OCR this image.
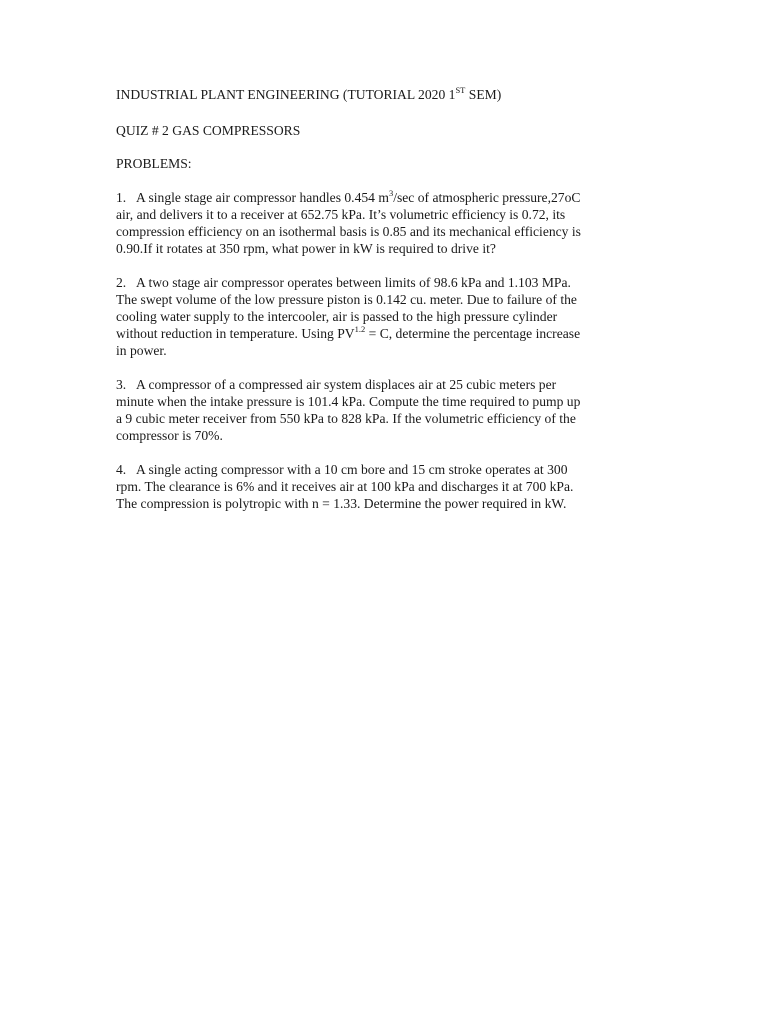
INDUSTRIAL PLANT ENGINEERING (TUTORIAL 2020 1ST SEM)
QUIZ # 2 GAS COMPRESSORS
PROBLEMS:
1. A single stage air compressor handles 0.454 $m^3/\sec$ of atmospheric pressure,27oC
air, and delivers it to a receiver at 652.75 kPa. It’s volumetric efficiency is 0.72, its
compression efficiency on an isothermal basis is 0.85 and its mechanical efficiency is
0.90.If it rotates at 350 rpm, what power in kW is required to drive it?
2. A two stage air compressor operates between limits of 98.6 kPa and 1.103 MPa.
The swept volume of the low pressure piston is 0.142 cu. meter. Due to failure of the
cooling water supply to the intercooler, air is passed to the high pressure cylinder
without reduction in temperature. Using $PV^{1.2} = C$, determine the percentage increase
in power.
3. A compressor of a compressed air system displaces air at 25 cubic meters per
minute when the intake pressure is 101.4 kPa. Compute the time required to pump up
a 9 cubic meter receiver from 550 kPa to 828 kPa. If the volumetric efficiency of the
compressor is 70%.
4. A single acting compressor with a 10 cm bore and 15 cm stroke operates at 300
rpm. The clearance is 6% and it receives air at 100 kPa and discharges it at 700 kPa.
The compression is polytropic with n = 1.33. Determine the power required in kW.
